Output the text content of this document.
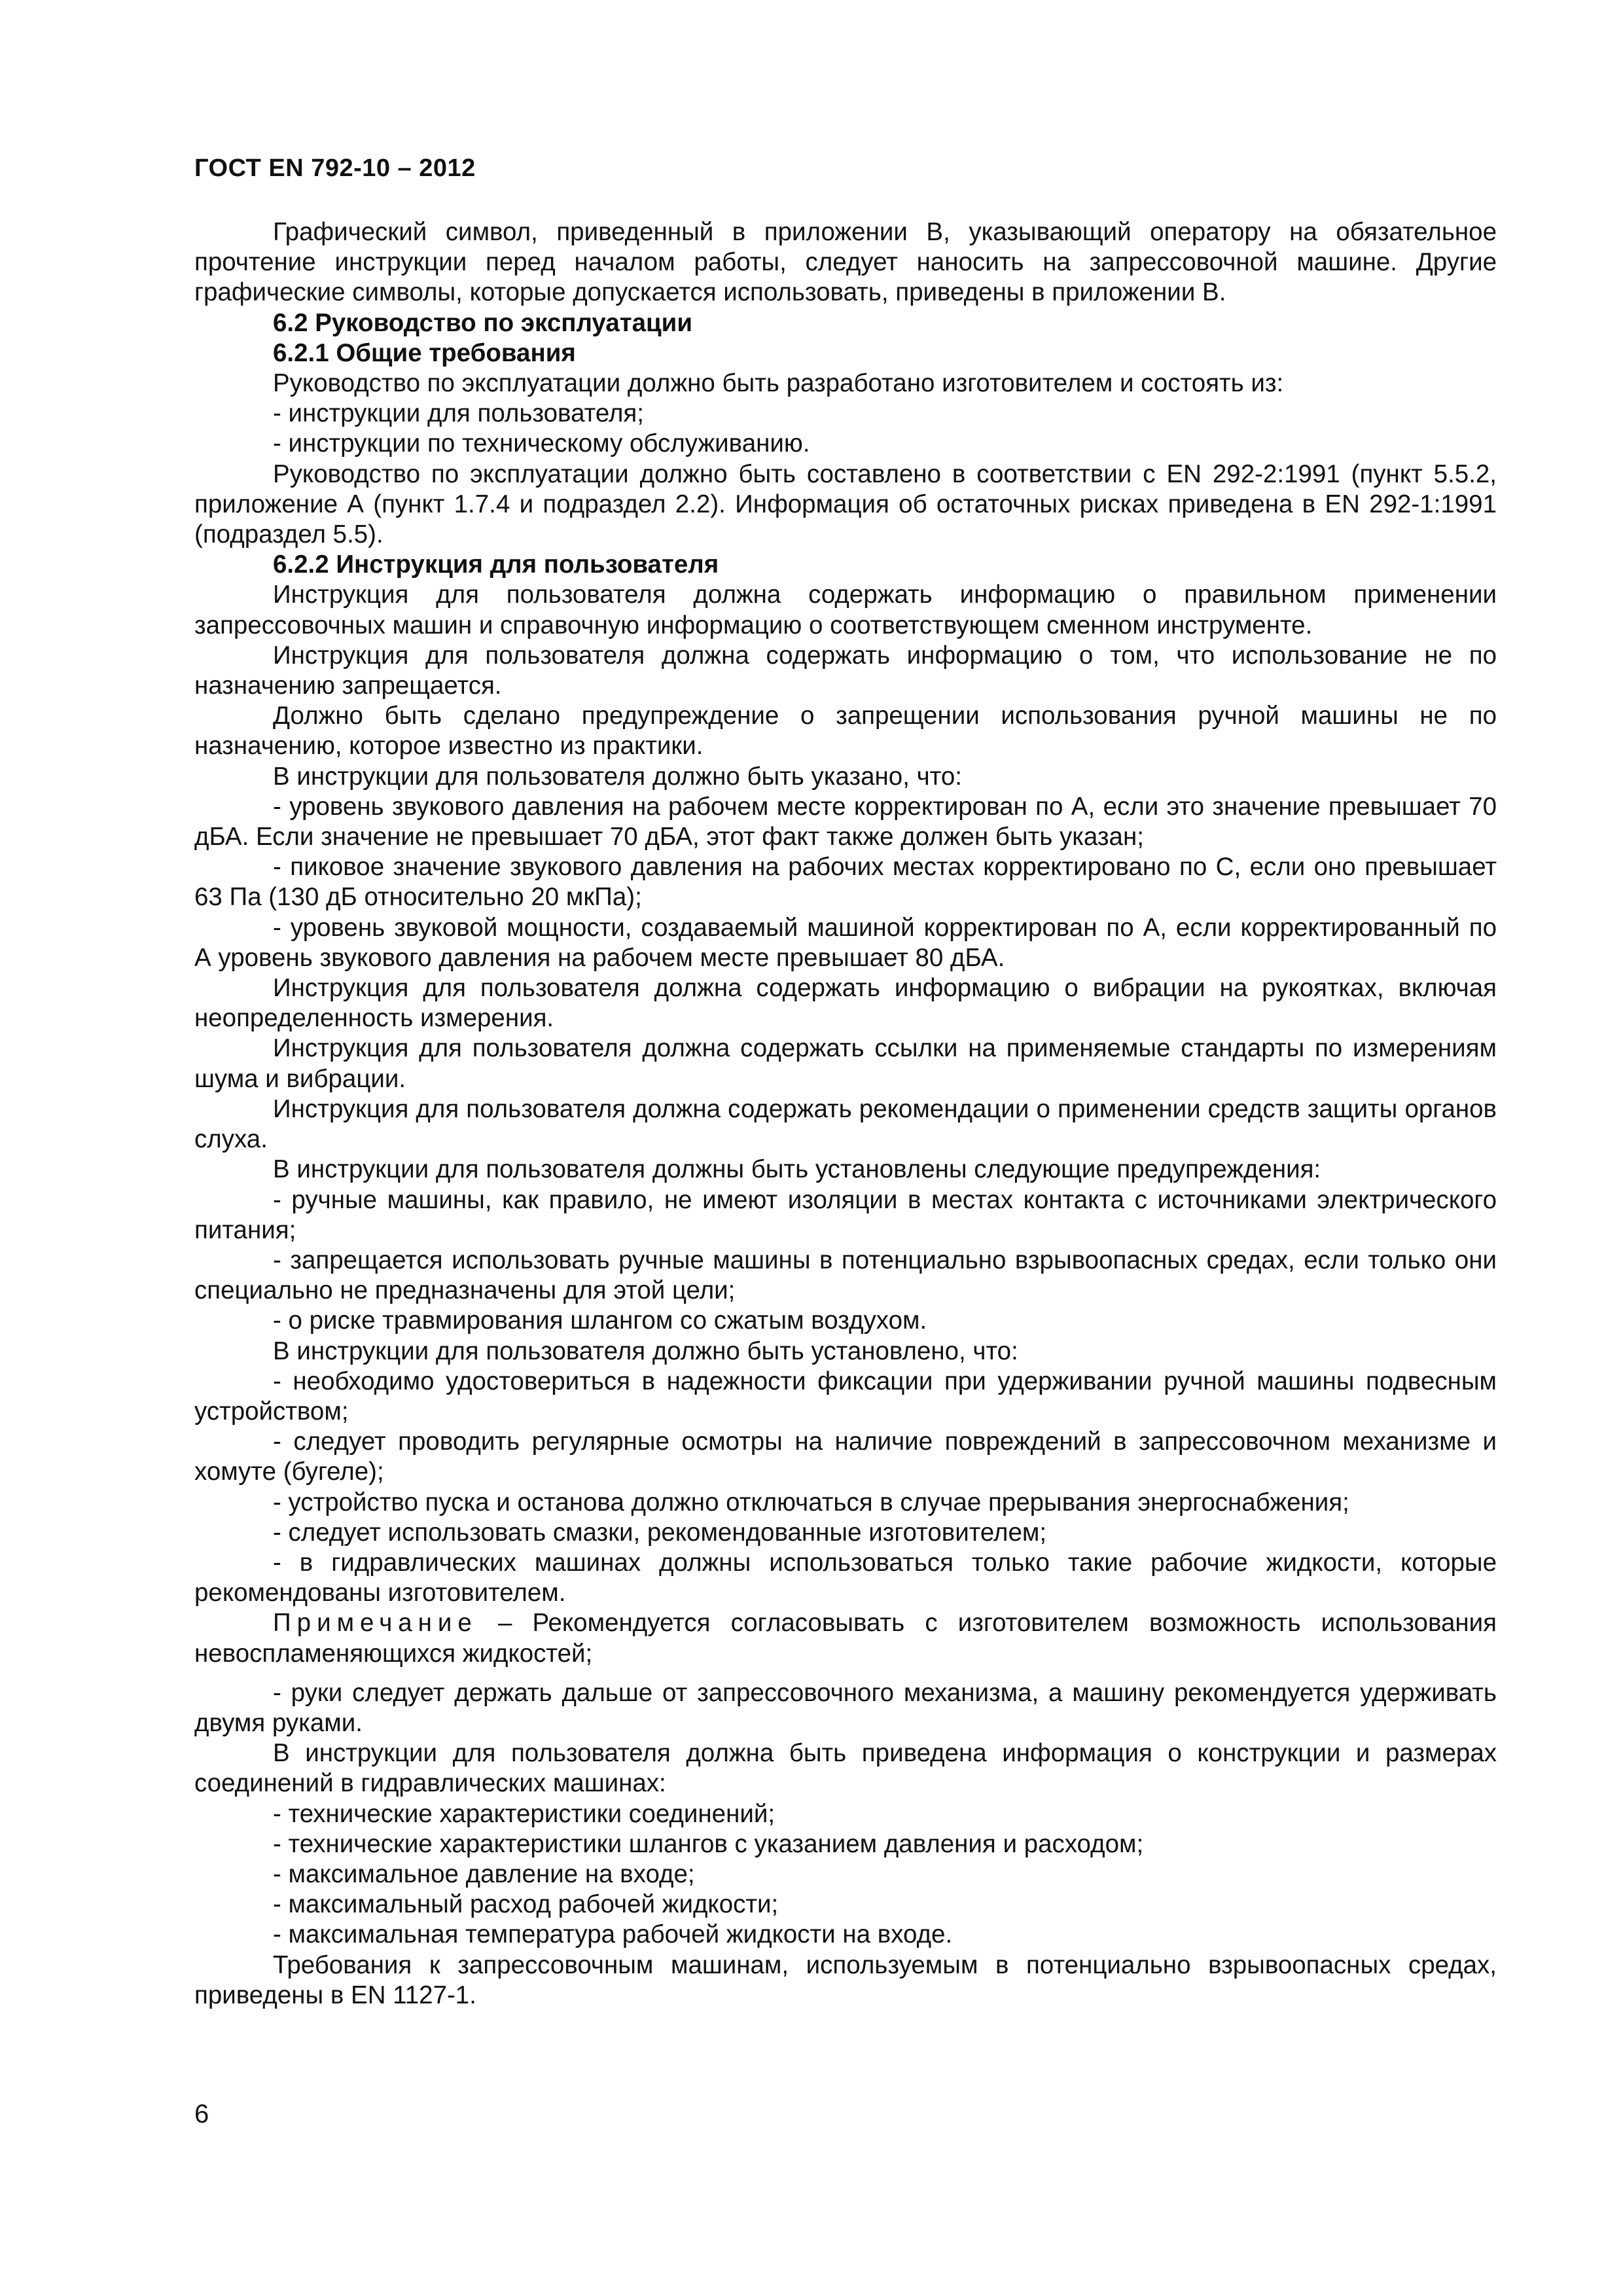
ГОСТ EN 792-10 – 2012

Графический символ, приведенный в приложении В, указывающий оператору на обязательное прочтение инструкции перед началом работы, следует наносить на запрессовочной машине. Другие графические символы, которые допускается использовать, приведены в приложении В.

6.2 Руководство по эксплуатации

6.2.1 Общие требования

Руководство по эксплуатации должно быть разработано изготовителем и состоять из:

- инструкции для пользователя;

- инструкции по техническому обслуживанию.

Руководство по эксплуатации должно быть составлено в соответствии с EN 292-2:1991 (пункт 5.5.2, приложение А (пункт 1.7.4 и подраздел 2.2). Информация об остаточных рисках приведена в EN 292-1:1991 (подраздел 5.5).

6.2.2 Инструкция для пользователя

Инструкция для пользователя должна содержать информацию о правильном применении запрессовочных машин и справочную информацию о соответствующем сменном инструменте.

Инструкция для пользователя должна содержать информацию о том, что использование не по назначению запрещается.

Должно быть сделано предупреждение о запрещении использования ручной машины не по назначению, которое известно из практики.

В инструкции для пользователя должно быть указано, что:

- уровень звукового давления на рабочем месте корректирован по А, если это значение превышает 70 дБА. Если значение не превышает 70 дБА, этот факт также должен быть указан;

- пиковое значение звукового давления на рабочих местах корректировано по С, если оно превышает 63 Па (130 дБ относительно 20 мкПа);

- уровень звуковой мощности, создаваемый машиной корректирован по А, если корректированный по А уровень звукового давления на рабочем месте превышает 80 дБА.

Инструкция для пользователя должна содержать информацию о вибрации на рукоятках, включая неопределенность измерения.

Инструкция для пользователя должна содержать ссылки на применяемые стандарты по измерениям шума и вибрации.

Инструкция для пользователя должна содержать рекомендации о применении средств защиты органов слуха.

В инструкции для пользователя должны быть установлены следующие предупреждения:

- ручные машины, как правило, не имеют изоляции в местах контакта с источниками электрического питания;

- запрещается использовать ручные машины в потенциально взрывоопасных средах, если только они специально не предназначены для этой цели;

- о риске травмирования шлангом со сжатым воздухом.

В инструкции для пользователя должно быть установлено, что:

- необходимо удостовериться в надежности фиксации при удерживании ручной машины подвесным устройством;

- следует проводить регулярные осмотры на наличие повреждений в запрессовочном механизме и хомуте (бугеле);

- устройство пуска и останова должно отключаться в случае прерывания энергоснабжения;

- следует использовать смазки, рекомендованные изготовителем;

- в гидравлических машинах должны использоваться только такие рабочие жидкости, которые рекомендованы изготовителем.

Примечание – Рекомендуется согласовывать с изготовителем возможность использования невоспламеняющихся жидкостей;

- руки следует держать дальше от запрессовочного механизма, а машину рекомендуется удерживать двумя руками.

В инструкции для пользователя должна быть приведена информация о конструкции и размерах соединений в гидравлических машинах:

- технические характеристики соединений;

- технические характеристики шлангов с указанием давления и расходом;

- максимальное давление на входе;

- максимальный расход рабочей жидкости;

- максимальная температура рабочей жидкости на входе.

Требования к запрессовочным машинам, используемым в потенциально взрывоопасных средах, приведены в EN 1127-1.

6
